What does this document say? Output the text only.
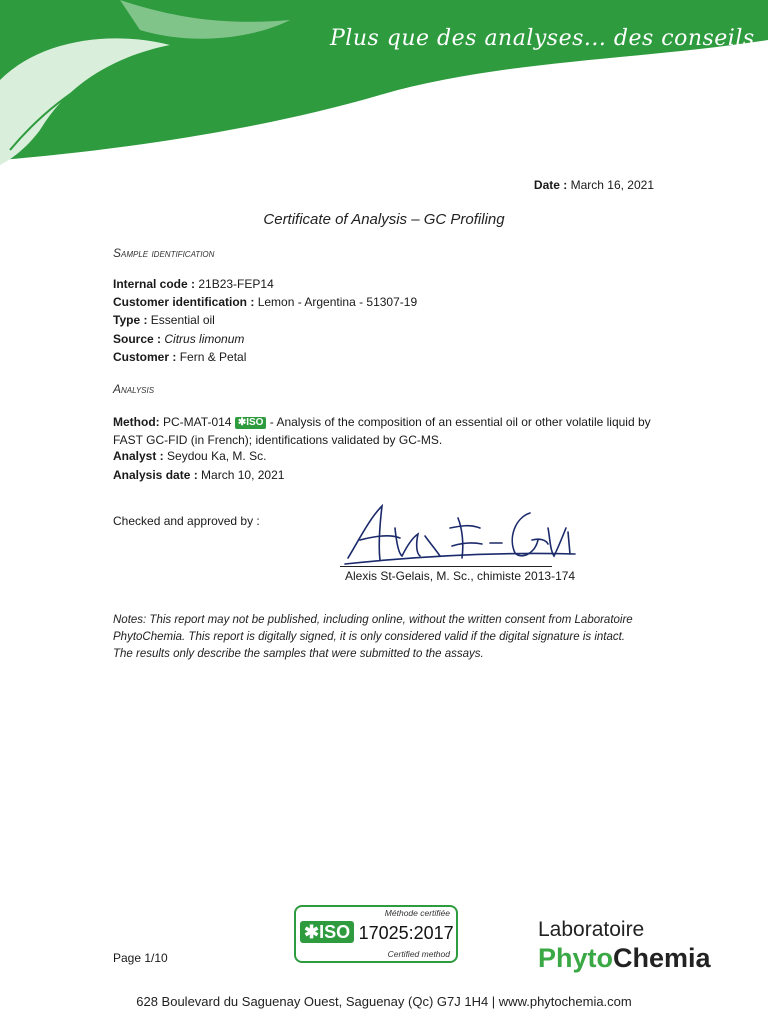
Plus que des analyses... des conseils
Date : March 16, 2021
Certificate of Analysis – GC Profiling
Sample identification
Internal code : 21B23-FEP14
Customer identification : Lemon - Argentina - 51307-19
Type : Essential oil
Source : Citrus limonum
Customer : Fern & Petal
Analysis
Method: PC-MAT-014 ✱ISO - Analysis of the composition of an essential oil or other volatile liquid by FAST GC-FID (in French); identifications validated by GC-MS.
Analyst : Seydou Ka, M. Sc.
Analysis date : March 10, 2021
Checked and approved by :
Alexis St-Gelais, M. Sc., chimiste 2013-174
Notes: This report may not be published, including online, without the written consent from Laboratoire PhytoChemia. This report is digitally signed, it is only considered valid if the digital signature is intact. The results only describe the samples that were submitted to the assays.
Page 1/10
Méthode certifiée
✱ISO 17025:2017
Certified method
Laboratoire
PhytoChemia
628 Boulevard du Saguenay Ouest, Saguenay (Qc) G7J 1H4 | www.phytochemia.com
